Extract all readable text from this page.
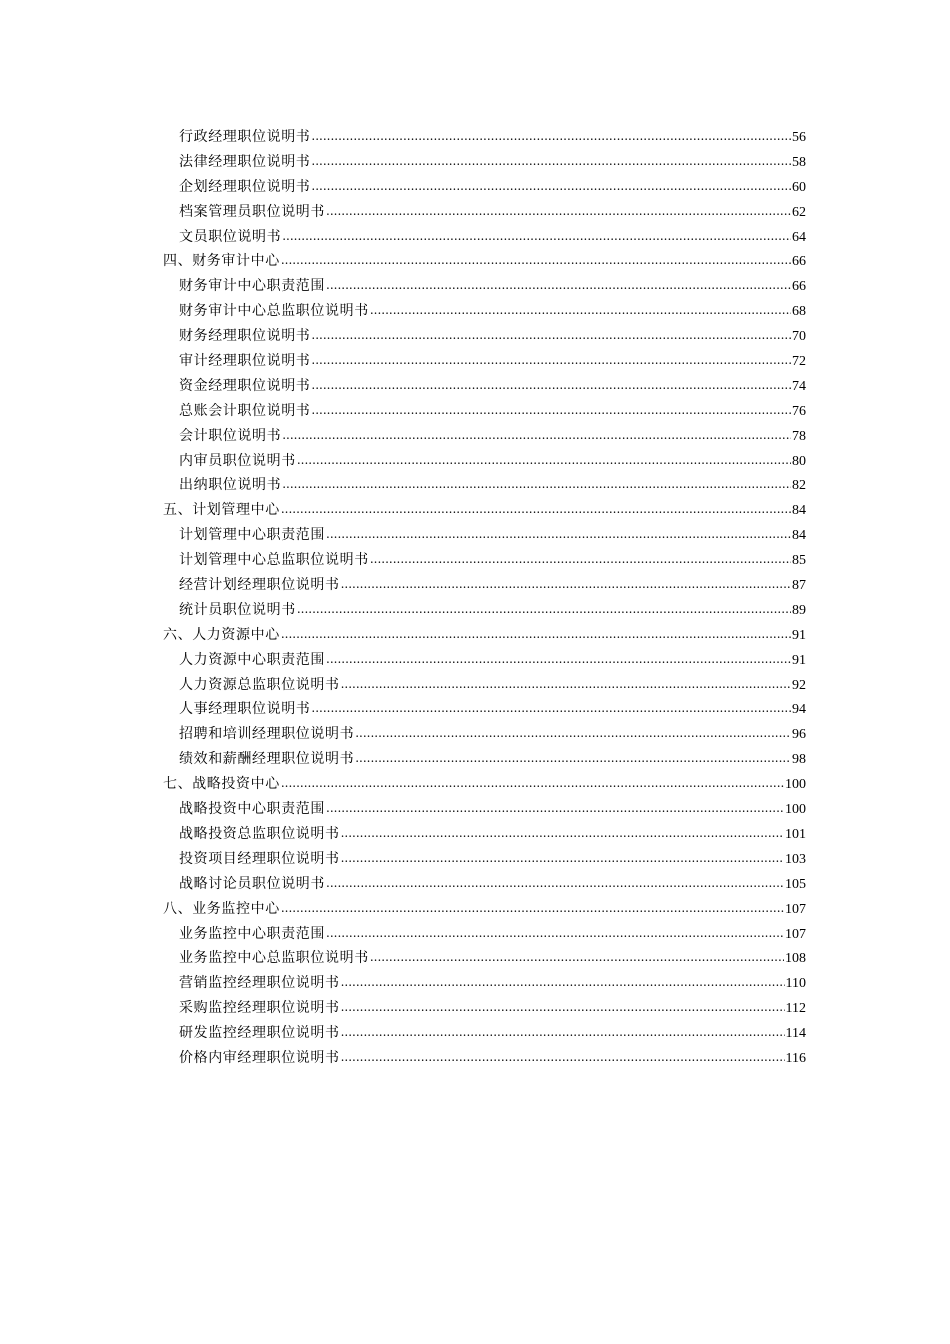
行政经理职位说明书 .....	56
法律经理职位说明书 .....	58
企划经理职位说明书 .....	60
档案管理员职位说明书 .....	62
文员职位说明书 .....	64
四、财务审计中心 .....	66
财务审计中心职责范围 .....	66
财务审计中心总监职位说明书 .....	68
财务经理职位说明书 .....	70
审计经理职位说明书 .....	72
资金经理职位说明书 .....	74
总账会计职位说明书 .....	76
会计职位说明书 .....	78
内审员职位说明书 .....	80
出纳职位说明书 .....	82
五、计划管理中心 .....	84
计划管理中心职责范围 .....	84
计划管理中心总监职位说明书 .....	85
经营计划经理职位说明书 .....	87
统计员职位说明书 .....	89
六、人力资源中心 .....	91
人力资源中心职责范围 .....	91
人力资源总监职位说明书 .....	92
人事经理职位说明书 .....	94
招聘和培训经理职位说明书 .....	96
绩效和薪酬经理职位说明书 .....	98
七、战略投资中心 .....	100
战略投资中心职责范围 .....	100
战略投资总监职位说明书 .....	101
投资项目经理职位说明书 .....	103
战略讨论员职位说明书 .....	105
八、业务监控中心 .....	107
业务监控中心职责范围 .....	107
业务监控中心总监职位说明书 .....	108
营销监控经理职位说明书 .....	110
采购监控经理职位说明书 .....	112
研发监控经理职位说明书 .....	114
价格内审经理职位说明书 .....	116
